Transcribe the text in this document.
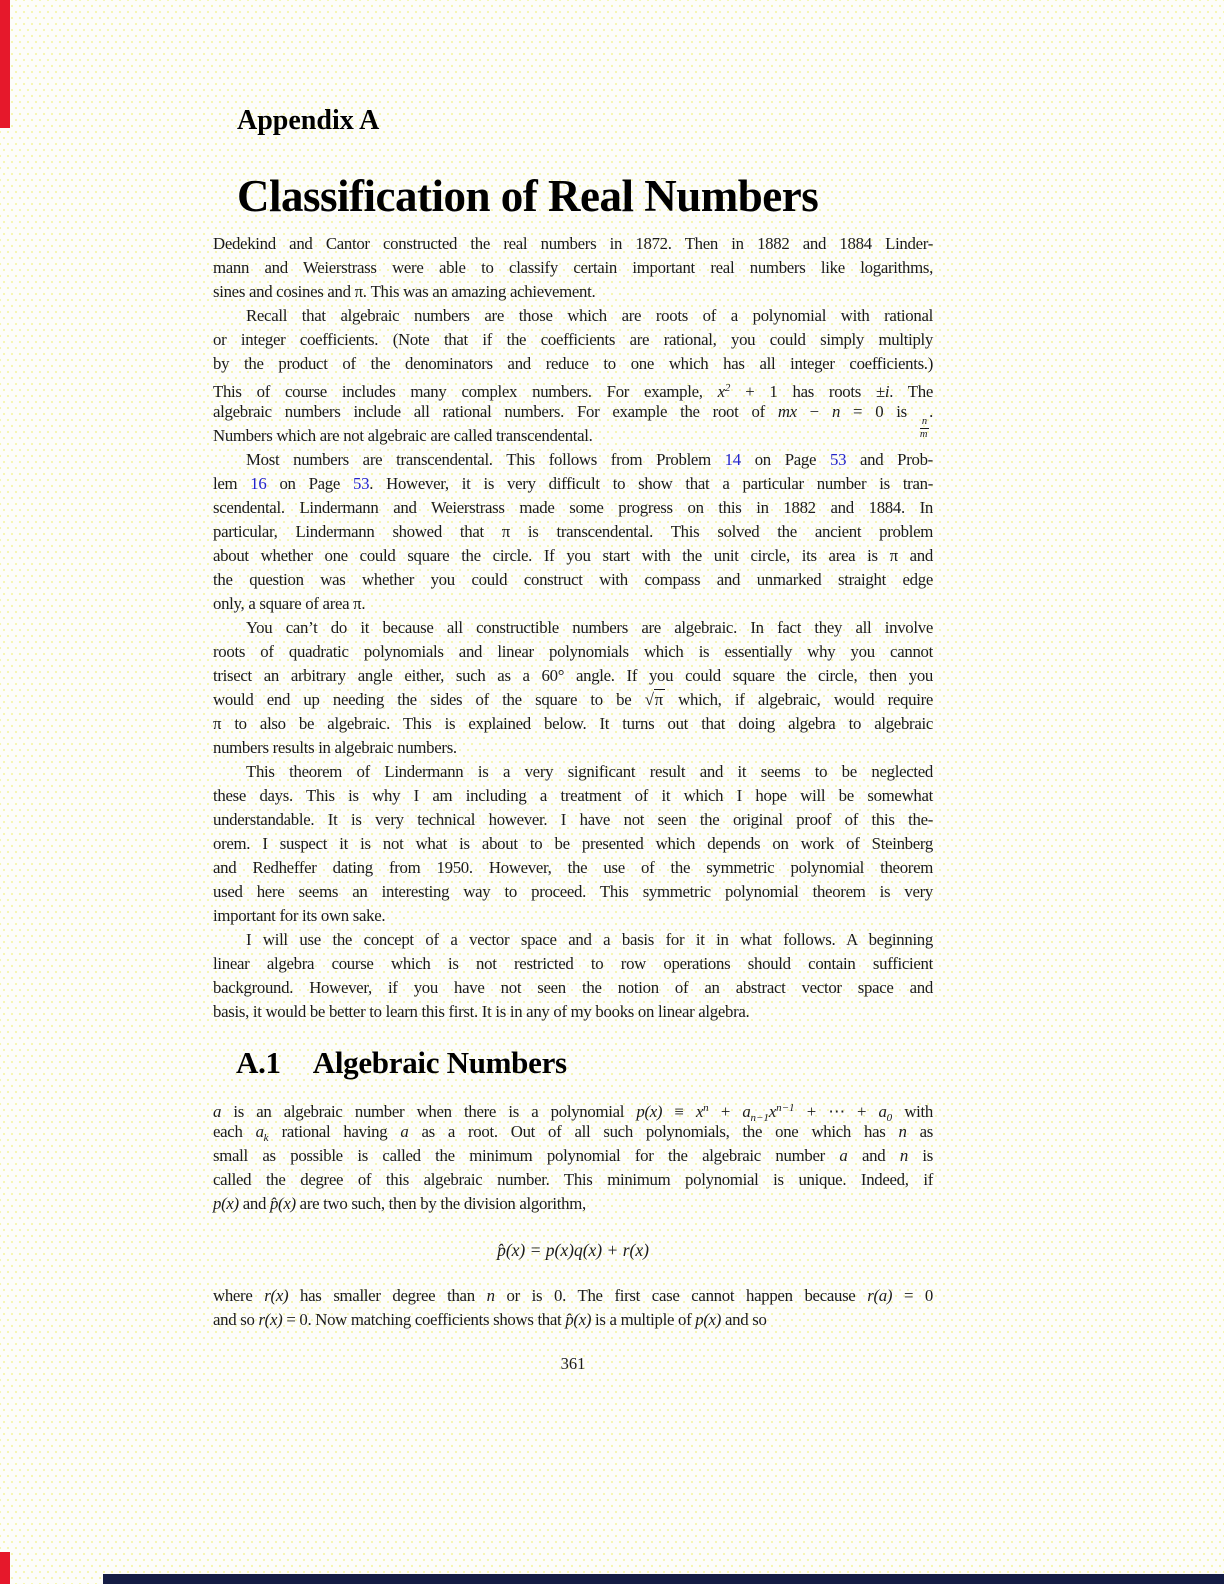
Appendix A
Classification of Real Numbers
Dedekind and Cantor constructed the real numbers in 1872. Then in 1882 and 1884 Linder-
mann and Weierstrass were able to classify certain important real numbers like logarithms,
sines and cosines and π. This was an amazing achievement.
Recall that algebraic numbers are those which are roots of a polynomial with rational
or integer coefficients. (Note that if the coefficients are rational, you could simply multiply
by the product of the denominators and reduce to one which has all integer coefficients.)
This of course includes many complex numbers. For example, $x^2 + 1$ has roots ±i. The
algebraic numbers include all rational numbers. For example the root of mx − n = 0 is
$\frac{n}{m}$
.
Numbers which are not algebraic are called transcendental.
Most numbers are transcendental. This follows from Problem 14 on Page 53 and Prob-
lem 16 on Page 53. However, it is very difficult to show that a particular number is tran-
scendental. Lindermann and Weierstrass made some progress on this in 1882 and 1884. In
particular, Lindermann showed that π is transcendental. This solved the ancient problem
about whether one could square the circle. If you start with the unit circle, its area is π and
the question was whether you could construct with compass and unmarked straight edge
only, a square of area π.
You can’t do it because all constructible numbers are algebraic. In fact they all involve
roots of quadratic polynomials and linear polynomials which is essentially why you cannot
trisect an arbitrary angle either, such as a 60° angle. If you could square the circle, then you
would end up needing the sides of the square to be √π which, if algebraic, would require
π to also be algebraic. This is explained below. It turns out that doing algebra to algebraic
numbers results in algebraic numbers.
This theorem of Lindermann is a very significant result and it seems to be neglected
these days. This is why I am including a treatment of it which I hope will be somewhat
understandable. It is very technical however. I have not seen the original proof of this the-
orem. I suspect it is not what is about to be presented which depends on work of Steinberg
and Redheffer dating from 1950. However, the use of the symmetric polynomial theorem
used here seems an interesting way to proceed. This symmetric polynomial theorem is very
important for its own sake.
I will use the concept of a vector space and a basis for it in what follows. A beginning
linear algebra course which is not restricted to row operations should contain sufficient
background. However, if you have not seen the notion of an abstract vector space and
basis, it would be better to learn this first. It is in any of my books on linear algebra.
A.1 Algebraic Numbers
a is an algebraic number when there is a polynomial $p(x) \equiv x^n + a_{n-1}x^{n-1}$ + ⋯ + $a_0$ with
each $a_k$ rational having a as a root. Out of all such polynomials, the one which has n as
small as possible is called the minimum polynomial for the algebraic number a and n is
called the degree of this algebraic number. This minimum polynomial is unique. Indeed, if
p(x) and p̂(x) are two such, then by the division algorithm,
p̂(x) = p(x)q(x) + r(x)
where r(x) has smaller degree than n or is 0. The first case cannot happen because r(a) = 0
and so r(x) = 0. Now matching coefficients shows that p̂(x) is a multiple of p(x) and so
361
